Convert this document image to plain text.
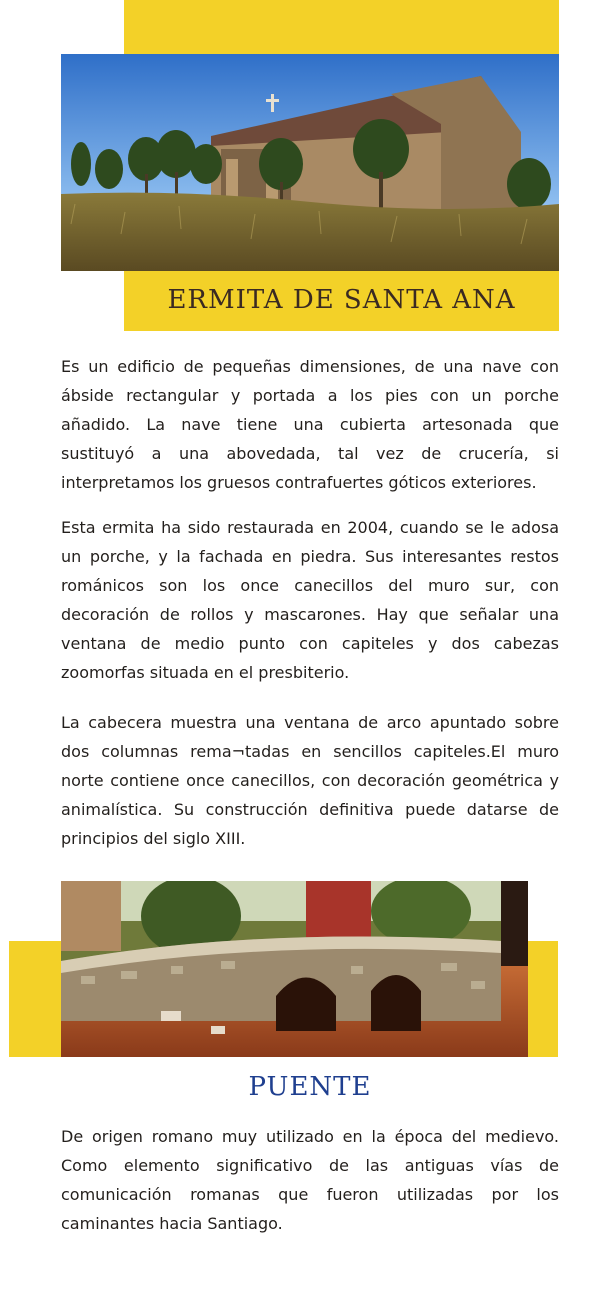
ERMITA DE SANTA ANA

Es un edificio de pequeñas dimensiones, de una nave con ábside rectangular y portada a los pies con un porche añadido. La nave tiene una cubierta artesonada que sustituyó a una abovedada, tal vez de crucería, si interpretamos los gruesos contrafuertes góticos exteriores.

Esta ermita ha sido restaurada en 2004, cuando se le adosa un porche, y la fachada en piedra. Sus interesantes restos románicos son los once canecillos del muro sur, con decoración de rollos y mascarones. Hay que señalar una ventana de medio punto con capiteles y dos cabezas zoomorfas situada en el presbiterio.

La cabecera muestra una ventana de arco apuntado sobre dos columnas rema¬tadas en sencillos capiteles.El muro norte contiene once canecillos, con decoración geométrica y animalística. Su construcción definitiva puede datarse de principios del siglo XIII.

PUENTE

De origen romano muy utilizado en la época del medievo. Como elemento significativo de las antiguas vías de comunicación romanas que fueron utilizadas por los caminantes hacia Santiago.
